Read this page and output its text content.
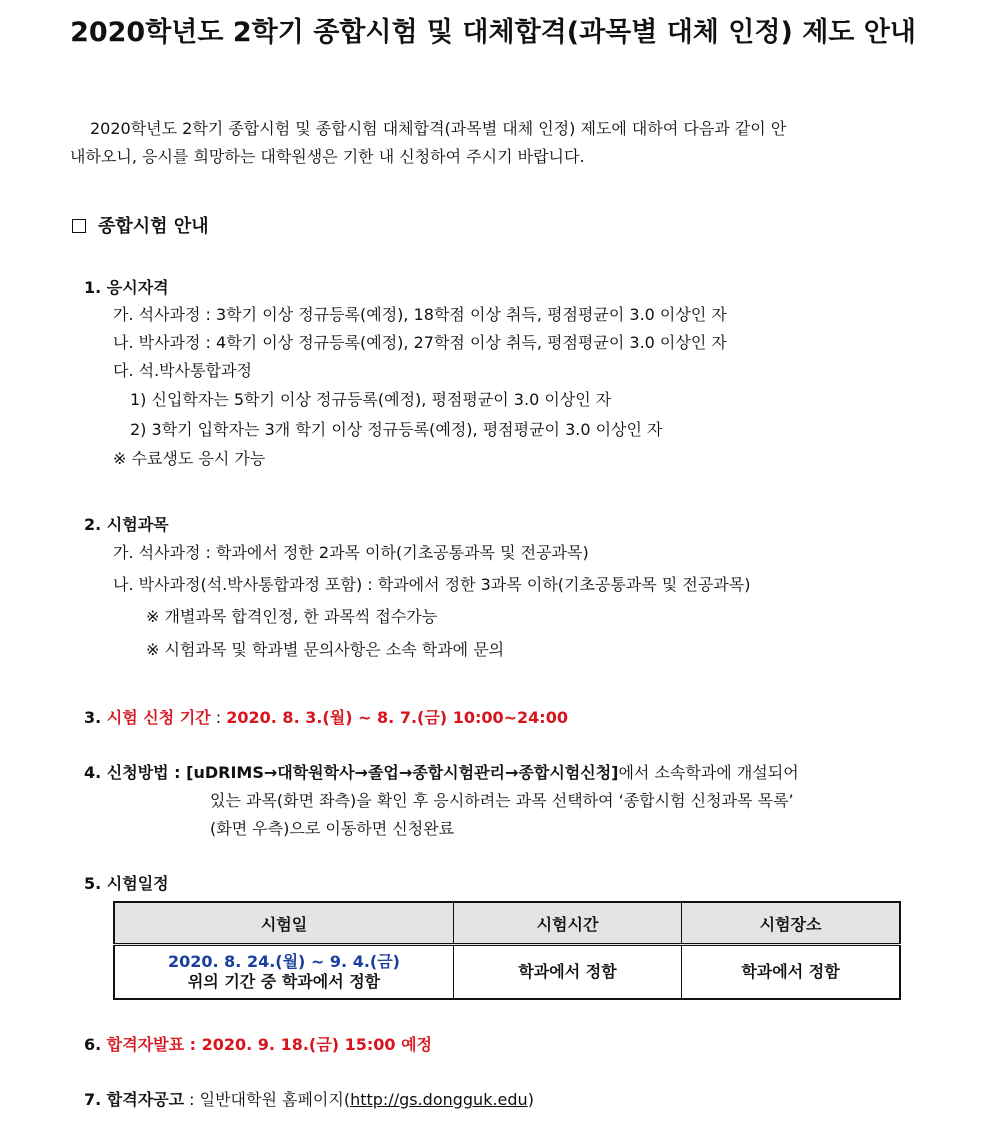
2020학년도 2학기 종합시험 및 대체합격(과목별 대체 인정) 제도 안내
2020학년도 2학기 종합시험 및 종합시험 대체합격(과목별 대체 인정) 제도에 대하여 다음과 같이 안
내하오니, 응시를 희망하는 대학원생은 기한 내 신청하여 주시기 바랍니다.
종합시험 안내
1. 응시자격
가. 석사과정 : 3학기 이상 정규등록(예정), 18학점 이상 취득, 평점평균이 3.0 이상인 자
나. 박사과정 : 4학기 이상 정규등록(예정), 27학점 이상 취득, 평점평균이 3.0 이상인 자
다. 석.박사통합과정
1) 신입학자는 5학기 이상 정규등록(예정), 평점평균이 3.0 이상인 자
2) 3학기 입학자는 3개 학기 이상 정규등록(예정), 평점평균이 3.0 이상인 자
※ 수료생도 응시 가능
2. 시험과목
가. 석사과정 : 학과에서 정한 2과목 이하(기초공통과목 및 전공과목)
나. 박사과정(석.박사통합과정 포함) : 학과에서 정한 3과목 이하(기초공통과목 및 전공과목)
※ 개별과목 합격인정, 한 과목씩 접수가능
※ 시험과목 및 학과별 문의사항은 소속 학과에 문의
3. 시험 신청 기간 : 2020. 8. 3.(월) ~ 8. 7.(금) 10:00~24:00
4. 신청방법 : [uDRIMS→대학원학사→졸업→종합시험관리→종합시험신청]에서 소속학과에 개설되어
있는 과목(화면 좌측)을 확인 후 응시하려는 과목 선택하여 ‘종합시험 신청과목 목록’
(화면 우측)으로 이동하면 신청완료
5. 시험일정
시험일	시험시간	시험장소

2020. 8. 24.(월) ~ 9. 4.(금)
위의 기간 중 학과에서 정함	학과에서 정함	학과에서 정함
6. 합격자발표 : 2020. 9. 18.(금) 15:00 예정
7. 합격자공고 : 일반대학원 홈페이지(http://gs.dongguk.edu)
